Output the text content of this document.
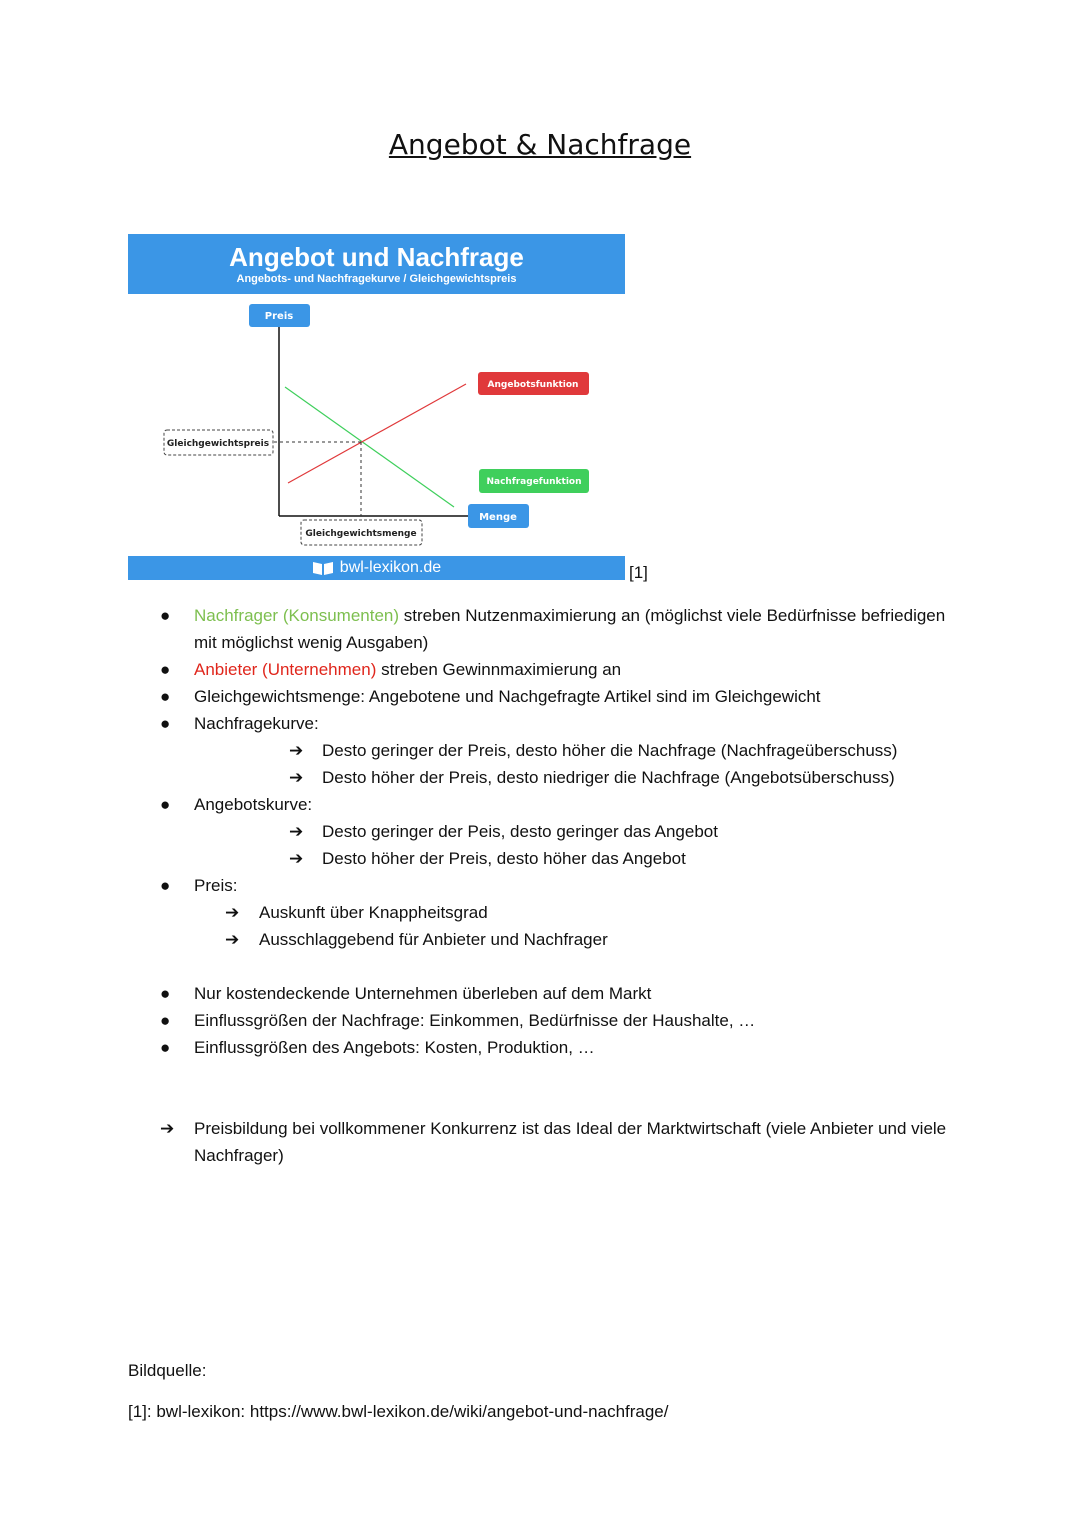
Angebot & Nachfrage
Angebot und Nachfrage
Angebots- und Nachfragekurve / Gleichgewichtspreis
Preis
Menge
Angebotsfunktion
Nachfragefunktion
Gleichgewichtspreis
Gleichgewichtsmenge
bwl-lexikon.de	[1]
● Nachfrager (Konsumenten) streben Nutzenmaximierung an (möglichst viele Bedürfnisse befriedigen mit möglichst wenig Ausgaben)
● Anbieter (Unternehmen) streben Gewinnmaximierung an
● Gleichgewichtsmenge: Angebotene und Nachgefragte Artikel sind im Gleichgewicht
● Nachfragekurve:
➔ Desto geringer der Preis, desto höher die Nachfrage (Nachfrageüberschuss)
➔ Desto höher der Preis, desto niedriger die Nachfrage (Angebotsüberschuss)
● Angebotskurve:
➔ Desto geringer der Peis, desto geringer das Angebot
➔ Desto höher der Preis, desto höher das Angebot
● Preis:
➔ Auskunft über Knappheitsgrad
➔ Ausschlaggebend für Anbieter und Nachfrager
● Nur kostendeckende Unternehmen überleben auf dem Markt
● Einflussgrößen der Nachfrage: Einkommen, Bedürfnisse der Haushalte, …
● Einflussgrößen des Angebots: Kosten, Produktion, …
➔ Preisbildung bei vollkommener Konkurrenz ist das Ideal der Marktwirtschaft (viele Anbieter und viele Nachfrager)
Bildquelle:
[1]: bwl-lexikon: https://www.bwl-lexikon.de/wiki/angebot-und-nachfrage/
